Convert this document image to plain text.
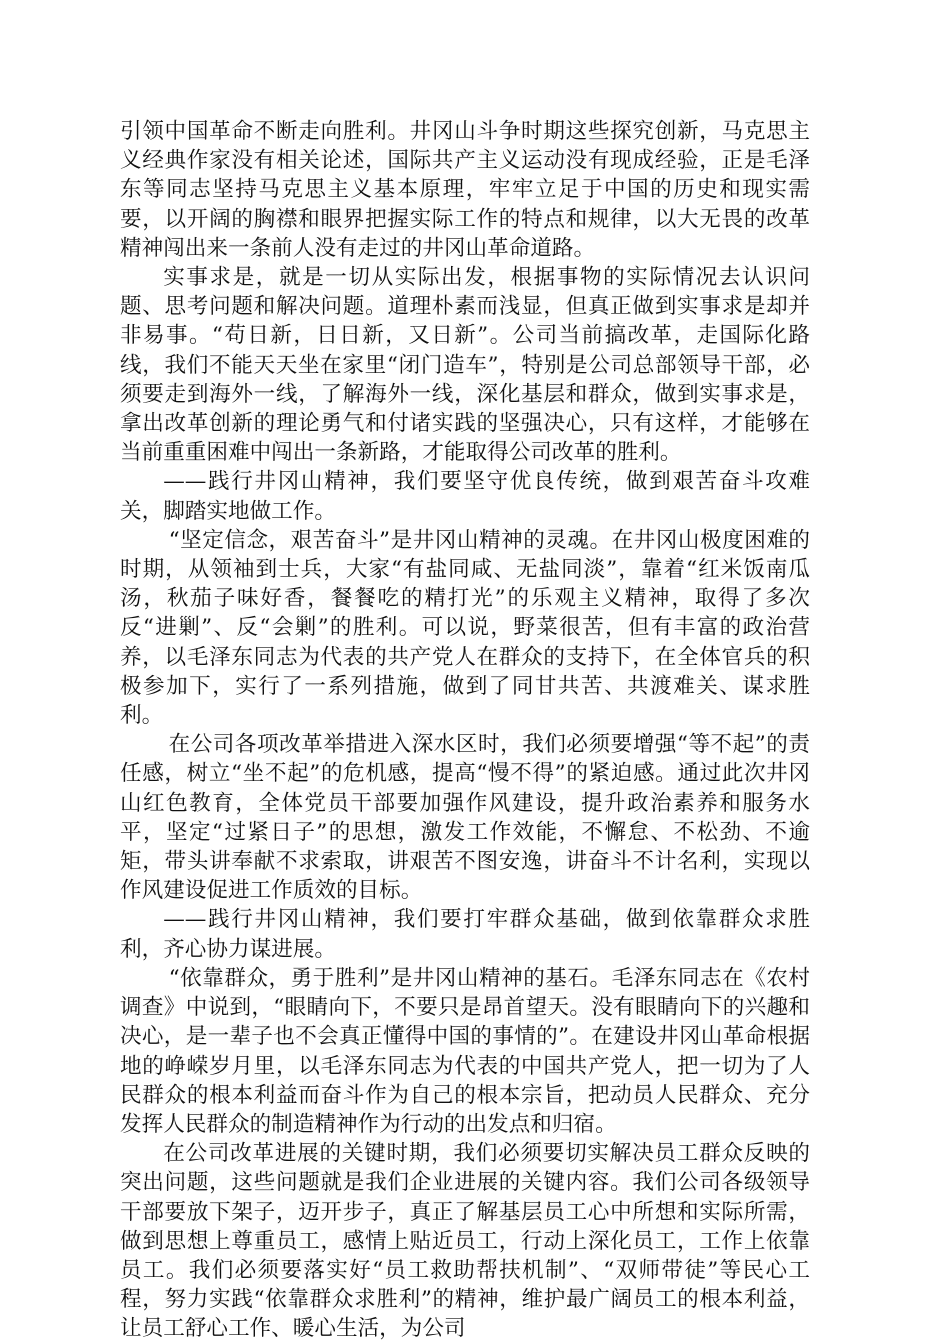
引领中国革命不断走向胜利。井冈山斗争时期这些探究创新，马克思主义经典作家没有相关论述，国际共产主义运动没有现成经验，正是毛泽东等同志坚持马克思主义基本原理，牢牢立足于中国的历史和现实需要，以开阔的胸襟和眼界把握实际工作的特点和规律，以大无畏的改革精神闯出来一条前人没有走过的井冈山革命道路。

实事求是，就是一切从实际出发，根据事物的实际情况去认识问题、思考问题和解决问题。道理朴素而浅显，但真正做到实事求是却并非易事。“苟日新，日日新，又日新”。公司当前搞改革，走国际化路线，我们不能天天坐在家里“闭门造车”，特别是公司总部领导干部，必须要走到海外一线，了解海外一线，深化基层和群众，做到实事求是，拿出改革创新的理论勇气和付诸实践的坚强决心，只有这样，才能够在当前重重困难中闯出一条新路，才能取得公司改革的胜利。

——践行井冈山精神，我们要坚守优良传统，做到艰苦奋斗攻难关，脚踏实地做工作。

“坚定信念，艰苦奋斗”是井冈山精神的灵魂。在井冈山极度困难的时期，从领袖到士兵，大家“有盐同咸、无盐同淡”，靠着“红米饭南瓜汤，秋茄子味好香，餐餐吃的精打光”的乐观主义精神，取得了多次反“进剿”、反“会剿”的胜利。可以说，野菜很苦，但有丰富的政治营养，以毛泽东同志为代表的共产党人在群众的支持下，在全体官兵的积极参加下，实行了一系列措施，做到了同甘共苦、共渡难关、谋求胜利。

在公司各项改革举措进入深水区时，我们必须要增强“等不起”的责任感，树立“坐不起”的危机感，提高“慢不得”的紧迫感。通过此次井冈山红色教育，全体党员干部要加强作风建设，提升政治素养和服务水平，坚定“过紧日子”的思想，激发工作效能，不懈怠、不松劲、不逾矩，带头讲奉献不求索取，讲艰苦不图安逸，讲奋斗不计名利，实现以作风建设促进工作质效的目标。

——践行井冈山精神，我们要打牢群众基础，做到依靠群众求胜利，齐心协力谋进展。

“依靠群众，勇于胜利”是井冈山精神的基石。毛泽东同志在《农村调查》中说到，“眼睛向下，不要只是昂首望天。没有眼睛向下的兴趣和决心，是一辈子也不会真正懂得中国的事情的”。在建设井冈山革命根据地的峥嵘岁月里，以毛泽东同志为代表的中国共产党人，把一切为了人民群众的根本利益而奋斗作为自己的根本宗旨，把动员人民群众、充分发挥人民群众的制造精神作为行动的出发点和归宿。

在公司改革进展的关键时期，我们必须要切实解决员工群众反映的突出问题，这些问题就是我们企业进展的关键内容。我们公司各级领导干部要放下架子，迈开步子，真正了解基层员工心中所想和实际所需，做到思想上尊重员工，感情上贴近员工，行动上深化员工，工作上依靠员工。我们必须要落实好“员工救助帮扶机制”、“双师带徒”等民心工程，努力实践“依靠群众求胜利”的精神，维护最广阔员工的根本利益，让员工舒心工作、暖心生活，为公司
